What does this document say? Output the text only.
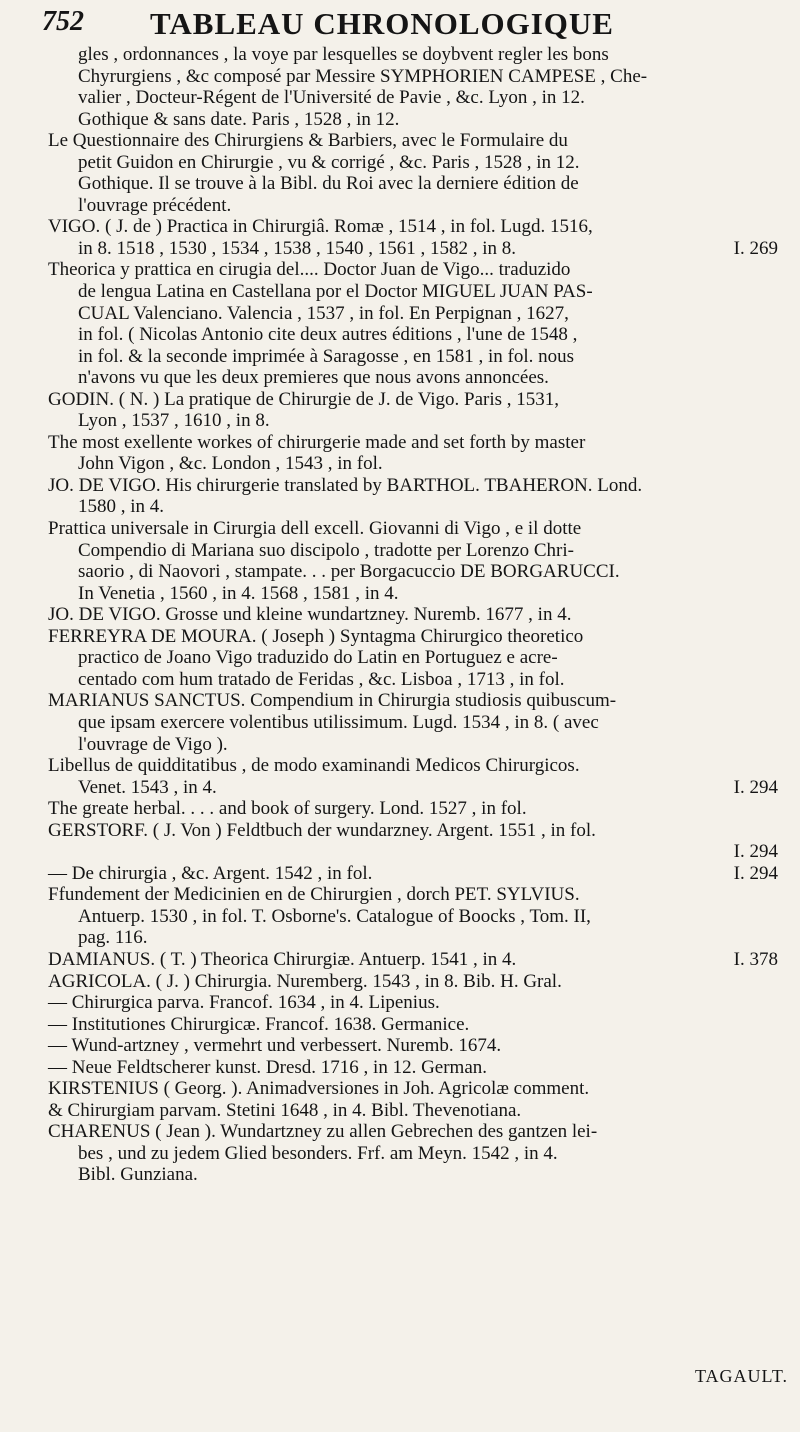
752 TABLEAU CHRONOLOGIQUE
gles , ordonnances , la voye par lesquelles se doybvent regler les bons
Chyrurgiens , &c composé par Messire SYMPHORIEN CAMPESE , Che-
valier , Docteur-Régent de l'Université de Pavie , &c. Lyon , in 12.
Gothique & sans date. Paris , 1528 , in 12.
Le Questionnaire des Chirurgiens & Barbiers, avec le Formulaire du
petit Guidon en Chirurgie , vu & corrigé , &c. Paris , 1528 , in 12.
Gothique. Il se trouve à la Bibl. du Roi avec la derniere édition de
l'ouvrage précédent.
VIGO. ( J. de ) Practica in Chirurgiâ. Romæ , 1514 , in fol. Lugd. 1516,
in 8. 1518 , 1530 , 1534 , 1538 , 1540 , 1561 , 1582 , in 8.	I. 269
Theorica y prattica en cirugia del.... Doctor Juan de Vigo... traduzido
de lengua Latina en Castellana por el Doctor MIGUEL JUAN PAS-
CUAL Valenciano. Valencia , 1537 , in fol. En Perpignan , 1627,
in fol. ( Nicolas Antonio cite deux autres éditions , l'une de 1548 ,
in fol. & la seconde imprimée à Saragosse , en 1581 , in fol. nous
n'avons vu que les deux premieres que nous avons annoncées.
GODIN. ( N. ) La pratique de Chirurgie de J. de Vigo. Paris , 1531,
Lyon , 1537 , 1610 , in 8.
The most exellente workes of chirurgerie made and set forth by master
John Vigon , &c. London , 1543 , in fol.
JO. DE VIGO. His chirurgerie translated by BARTHOL. TBAHERON. Lond.
1580 , in 4.
Prattica universale in Cirurgia dell excell. Giovanni di Vigo , e il dotte
Compendio di Mariana suo discipolo , tradotte per Lorenzo Chri-
saorio , di Naovori , stampate. . . per Borgacuccio DE BORGARUCCI.
In Venetia , 1560 , in 4. 1568 , 1581 , in 4.
JO. DE VIGO. Grosse und kleine wundartzney. Nuremb. 1677 , in 4.
FERREYRA DE MOURA. ( Joseph ) Syntagma Chirurgico theoretico
practico de Joano Vigo traduzido do Latin en Portuguez e acre-
centado com hum tratado de Feridas , &c. Lisboa , 1713 , in fol.
MARIANUS SANCTUS. Compendium in Chirurgia studiosis quibuscum-
que ipsam exercere volentibus utilissimum. Lugd. 1534 , in 8. ( avec
l'ouvrage de Vigo ).
Libellus de quidditatibus , de modo examinandi Medicos Chirurgicos.
Venet. 1543 , in 4.	I. 294
The greate herbal. . . . and book of surgery. Lond. 1527 , in fol.
GERSTORF. ( J. Von ) Feldtbuch der wundarzney. Argent. 1551 , in fol.
I. 294
— De chirurgia , &c. Argent. 1542 , in fol.	I. 294
Ffundement der Medicinien en de Chirurgien , dorch PET. SYLVIUS.
Antuerp. 1530 , in fol. T. Osborne's. Catalogue of Boocks , Tom. II,
pag. 116.
DAMIANUS. ( T. ) Theorica Chirurgiæ. Antuerp. 1541 , in 4.	I. 378
AGRICOLA. ( J. ) Chirurgia. Nuremberg. 1543 , in 8. Bib. H. Gral.
— Chirurgica parva. Francof. 1634 , in 4. Lipenius.
— Institutiones Chirurgicæ. Francof. 1638. Germanice.
— Wund-artzney , vermehrt und verbessert. Nuremb. 1674.
— Neue Feldtscherer kunst. Dresd. 1716 , in 12. German.
KIRSTENIUS ( Georg. ). Animadversiones in Joh. Agricolæ comment.
& Chirurgiam parvam. Stetini 1648 , in 4. Bibl. Thevenotiana.
CHARENUS ( Jean ). Wundartzney zu allen Gebrechen des gantzen lei-
bes , und zu jedem Glied besonders. Frf. am Meyn. 1542 , in 4.
Bibl. Gunziana.
TAGAULT.
